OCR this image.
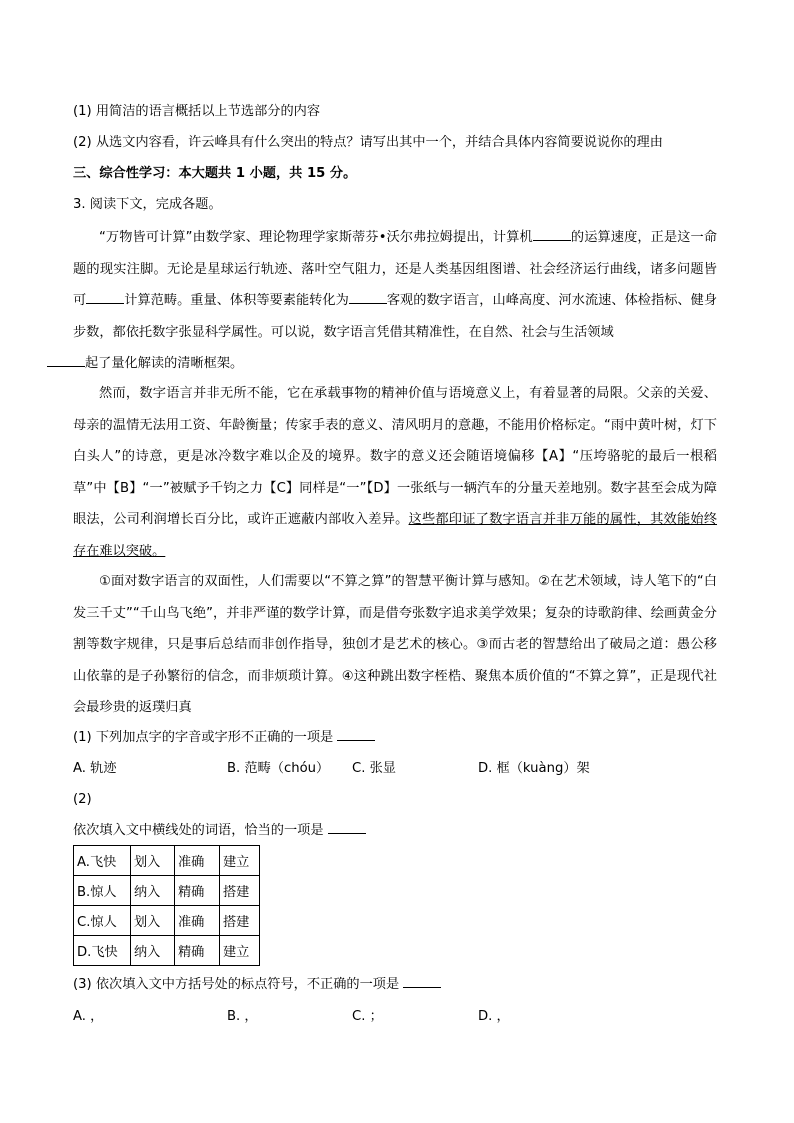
(1) 用简洁的语言概括以上节选部分的内容
(2) 从选文内容看，许云峰具有什么突出的特点？请写出其中一个，并结合具体内容简要说说你的理由
三、综合性学习：本大题共 1 小题，共 15 分。
3. 阅读下文，完成各题。

“万物皆可计算”由数学家、理论物理学家斯蒂芬•沃尔弗拉姆提出，计算机	的运算速度，正是这一命题的现实注脚。无论是星球运行轨迹、落叶空气阻力，还是人类基因组图谱、社会经济运行曲线，诸多问题皆可	计算范畴。重量、体积等要素能转化为	客观的数字语言，山峰高度、河水流速、体检指标、健身步数，都依托数字张显科学属性。可以说，数字语言凭借其精准性，在自然、社会与生活领域
起了量化解读的清晰框架。

然而，数字语言并非无所不能，它在承载事物的精神价值与语境意义上，有着显著的局限。父亲的关爱、母亲的温情无法用工资、年龄衡量；传家手表的意义、清风明月的意趣，不能用价格标定。“雨中黄叶树，灯下白头人”的诗意，更是冰冷数字难以企及的境界。数字的意义还会随语境偏移【A】“压垮骆驼的最后一根稻草”中【B】“一”被赋予千钧之力【C】同样是“一”【D】一张纸与一辆汽车的分量天差地别。数字甚至会成为障眼法，公司利润增长百分比，或许正遮蔽内部收入差异。这些都印证了数字语言并非万能的属性，其效能始终存在难以突破。

①面对数字语言的双面性，人们需要以“不算之算”的智慧平衡计算与感知。②在艺术领域，诗人笔下的“白发三千丈”“千山鸟飞绝”，并非严谨的数学计算，而是借夸张数字追求美学效果；复杂的诗歌韵律、绘画黄金分割等数字规律，只是事后总结而非创作指导，独创才是艺术的核心。③而古老的智慧给出了破局之道：愚公移山依靠的是子孙繁衍的信念，而非烦琐计算。④这种跳出数字桎梏、聚焦本质价值的“不算之算”，正是现代社会最珍贵的返璞归真

(1) 下列加点字的字音或字形不正确的一项是
A. 轨迹	B. 范畴（chóu） C. 张显	D. 框（kuàng）架
(2)
依次填入文中横线处的词语，恰当的一项是
A.飞快	划入	准确	建立
B.惊人	纳入	精确	搭建
C.惊人	划入	准确	搭建
D.飞快	纳入	精确	建立
(3) 依次填入文中方括号处的标点符号，不正确的一项是
A. ，	B. ，	C. ；	D. ，
